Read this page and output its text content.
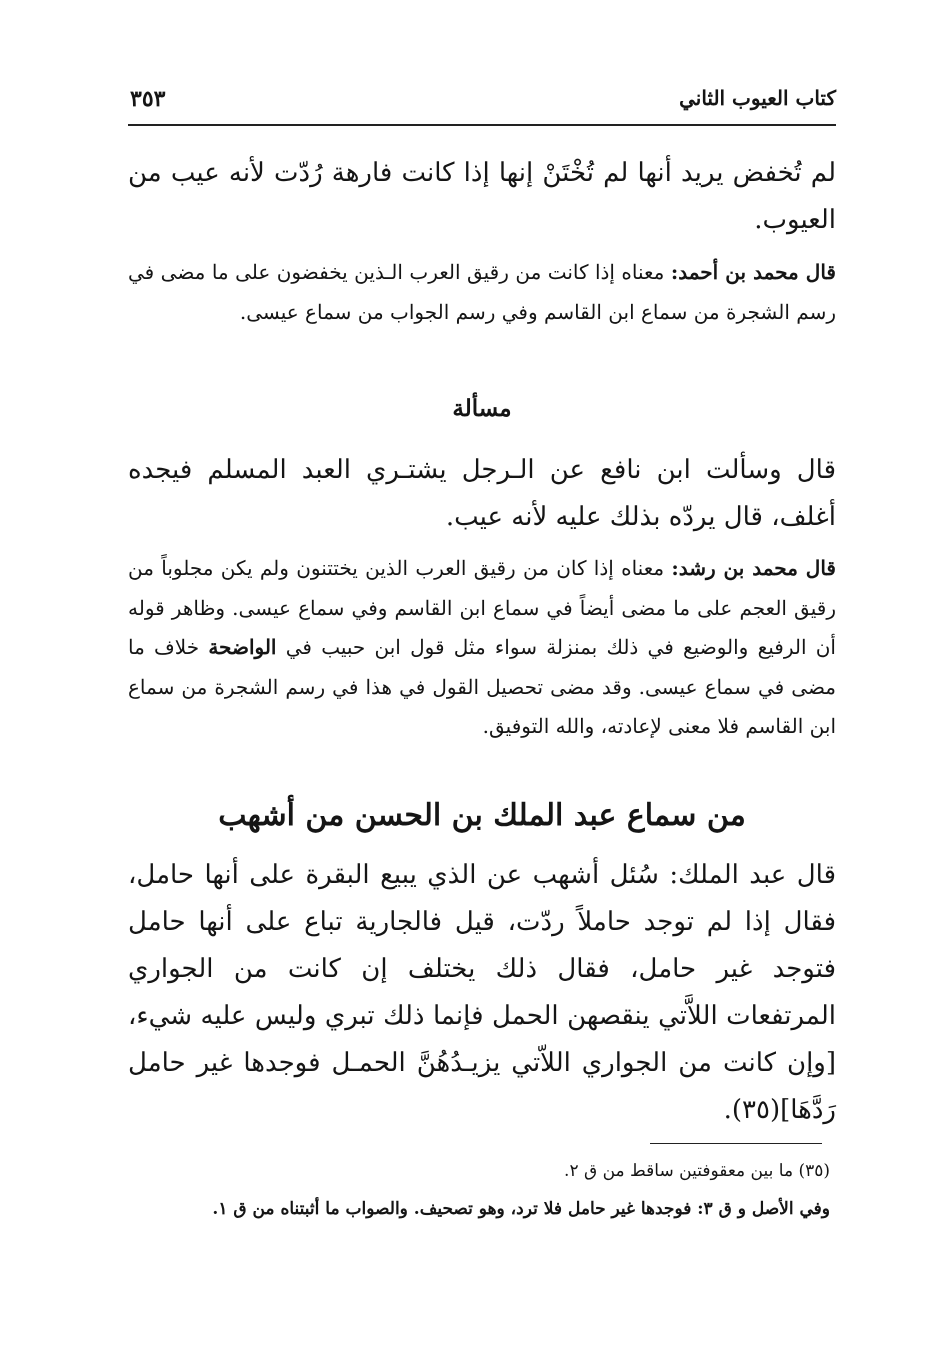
كتاب العيوب الثاني
٣٥٣
لم تُخفض يريد أنها لم تُخْتَنْ إنها إذا كانت فارهة رُدّت لأنه عيب من العيوب.
قال محمد بن أحمد: معناه إذا كانت من رقيق العرب الـذين يخفضون على ما مضى في رسم الشجرة من سماع ابن القاسم وفي رسم الجواب من سماع عيسى.
مسألة
قال وسألت ابن نافع عن الـرجل يشتـري العبد المسلم فيجده أغلف، قال يردّه بذلك عليه لأنه عيب.
قال محمد بن رشد: معناه إذا كان من رقيق العرب الذين يختتنون ولم يكن مجلوباً من رقيق العجم على ما مضى أيضاً في سماع ابن القاسم وفي سماع عيسى. وظاهر قوله أن الرفيع والوضيع في ذلك بمنزلة سواء مثل قول ابن حبيب في الواضحة خلاف ما مضى في سماع عيسى. وقد مضى تحصيل القول في هذا في رسم الشجرة من سماع ابن القاسم فلا معنى لإعادته، والله التوفيق.
من سماع عبد الملك بن الحسن من أشهب
قال عبد الملك: سُئل أشهب عن الذي يبيع البقرة على أنها حامل، فقال إذا لم توجد حاملاً ردّت، قيل فالجارية تباع على أنها حامل فتوجد غير حامل، فقال ذلك يختلف إن كانت من الجواري المرتفعات اللاَّتي ينقصهن الحمل فإنما ذلك تبري وليس عليه شيء، [وإن كانت من الجواري اللاّتي يزيـدُهُنَّ الحمـل فوجدها غير حامل رَدَّهَا](٣٥).
(٣٥) ما بين معقوفتين ساقط من ق ٢.
وفي الأصل و ق ٣: فوجدها غير حامل فلا ترد، وهو تصحيف. والصواب ما أثبتناه من ق ١.
